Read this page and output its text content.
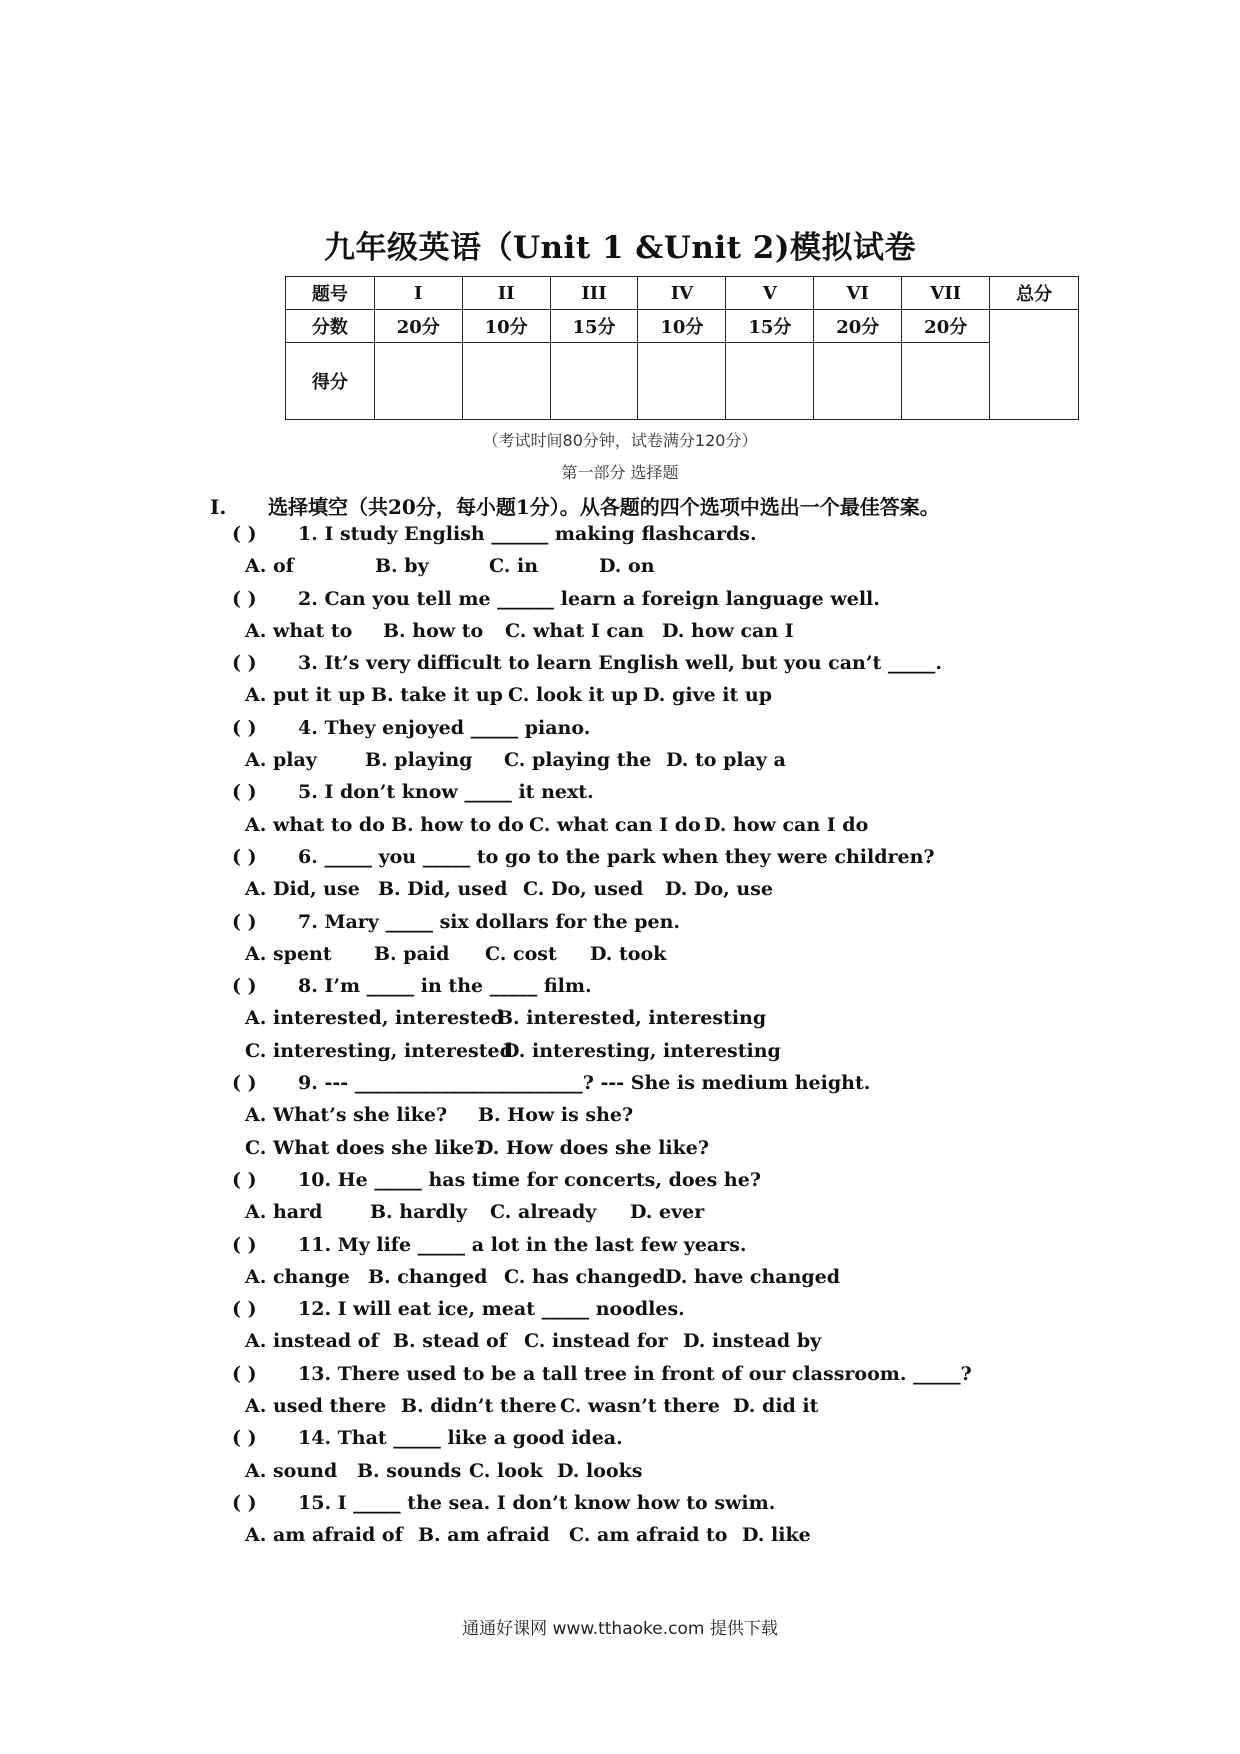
九年级英语（Unit 1 &Unit 2)模拟试卷
题号	I	II	III	IV	V	VI	VII	总分
分数	20分	10分	15分	10分	15分	20分	20分	
得分								
（考试时间80分钟，试卷满分120分）
第一部分 选择题
I. 选择填空（共20分，每小题1分）。从各题的四个选项中选出一个最佳答案。
( ) 1. I study English ______ making flashcards.
A. of	B. by	C. in	D. on
( ) 2. Can you tell me ______ learn a foreign language well.
A. what to B. how to C. what I can D. how can I
( ) 3. It’s very difficult to learn English well, but you can’t _____.
A. put it up B. take it up C. look it up D. give it up
( ) 4. They enjoyed _____ piano.
A. play	B. playing C. playing the D. to play a
( ) 5. I don’t know _____ it next.
A. what to do B. how to do C. what can I do D. how can I do
( ) 6. _____ you _____ to go to the park when they were children?
A. Did, use B. Did, used C. Do, used D. Do, use
( ) 7. Mary _____ six dollars for the pen.
A. spent B. paid C. cost D. took
( ) 8. I’m _____ in the _____ film.
A. interested, interestedB. interested, interesting
C. interesting, interestedD. interesting, interesting
( ) 9. --- ________________________? --- She is medium height.
A. What’s she like? B. How is she?
C. What does she like?D. How does she like?
( ) 10. He _____ has time for concerts, does he?
A. hard	B. hardly C. already D. ever
( ) 11. My life _____ a lot in the last few years.
A. change B. changed C. has changedD. have changed
( ) 12. I will eat ice, meat _____ noodles.
A. instead of B. stead of C. instead for D. instead by
( ) 13. There used to be a tall tree in front of our classroom. _____?
A. used there B. didn’t there C. wasn’t there D. did it
( ) 14. That _____ like a good idea.
A. sound B. sounds C. look D. looks
( ) 15. I _____ the sea. I don’t know how to swim.
A. am afraid of B. am afraid C. am afraid to D. like
通通好课网 www.tthaoke.com 提供下载
